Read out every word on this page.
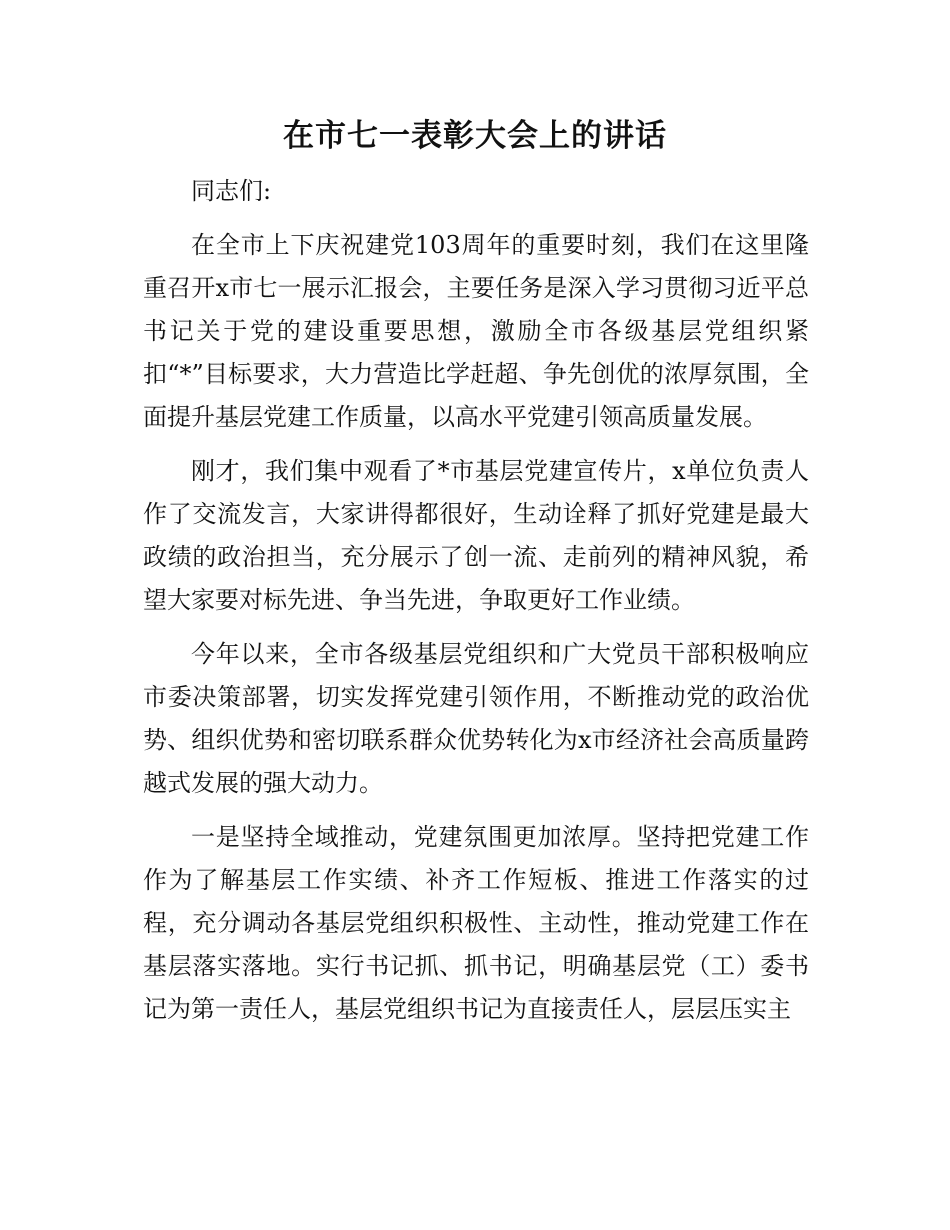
在市七一表彰大会上的讲话

同志们:

在全市上下庆祝建党103周年的重要时刻，我们在这里隆重召开x市七一展示汇报会，主要任务是深入学习贯彻习近平总书记关于党的建设重要思想，激励全市各级基层党组织紧扣“*”目标要求，大力营造比学赶超、争先创优的浓厚氛围，全面提升基层党建工作质量，以高水平党建引领高质量发展。

刚才，我们集中观看了*市基层党建宣传片，x单位负责人作了交流发言，大家讲得都很好，生动诠释了抓好党建是最大政绩的政治担当，充分展示了创一流、走前列的精神风貌，希望大家要对标先进、争当先进，争取更好工作业绩。

今年以来，全市各级基层党组织和广大党员干部积极响应市委决策部署，切实发挥党建引领作用，不断推动党的政治优势、组织优势和密切联系群众优势转化为x市经济社会高质量跨越式发展的强大动力。

一是坚持全域推动，党建氛围更加浓厚。坚持把党建工作作为了解基层工作实绩、补齐工作短板、推进工作落实的过程，充分调动各基层党组织积极性、主动性，推动党建工作在基层落实落地。实行书记抓、抓书记，明确基层党（工）委书记为第一责任人，基层党组织书记为直接责任人，层层压实主
